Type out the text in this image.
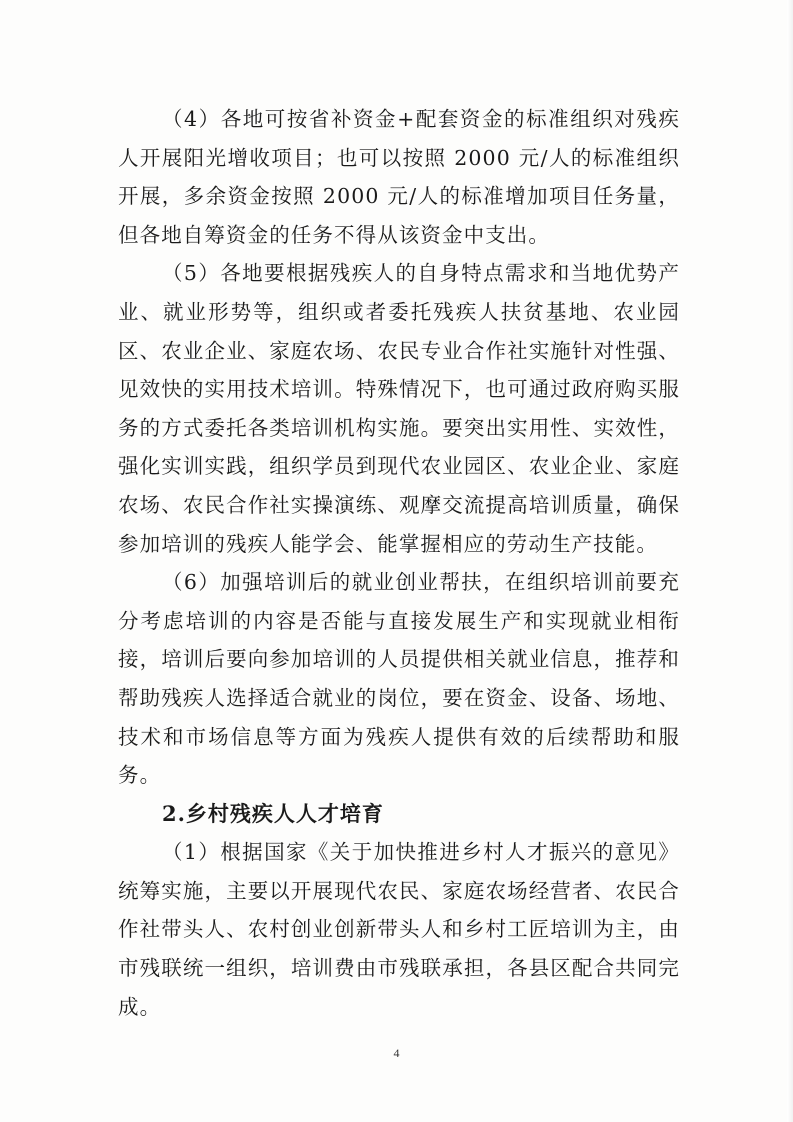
（4）各地可按省补资金+配套资金的标准组织对残疾人开展阳光增收项目；也可以按照 2000 元/人的标准组织开展，多余资金按照 2000 元/人的标准增加项目任务量，但各地自筹资金的任务不得从该资金中支出。

（5）各地要根据残疾人的自身特点需求和当地优势产业、就业形势等，组织或者委托残疾人扶贫基地、农业园区、农业企业、家庭农场、农民专业合作社实施针对性强、见效快的实用技术培训。特殊情况下，也可通过政府购买服务的方式委托各类培训机构实施。要突出实用性、实效性，强化实训实践，组织学员到现代农业园区、农业企业、家庭农场、农民合作社实操演练、观摩交流提高培训质量，确保参加培训的残疾人能学会、能掌握相应的劳动生产技能。

（6）加强培训后的就业创业帮扶，在组织培训前要充分考虑培训的内容是否能与直接发展生产和实现就业相衔接，培训后要向参加培训的人员提供相关就业信息，推荐和帮助残疾人选择适合就业的岗位，要在资金、设备、场地、技术和市场信息等方面为残疾人提供有效的后续帮助和服务。

2.乡村残疾人人才培育

（1）根据国家《关于加快推进乡村人才振兴的意见》统筹实施，主要以开展现代农民、家庭农场经营者、农民合作社带头人、农村创业创新带头人和乡村工匠培训为主，由市残联统一组织，培训费由市残联承担，各县区配合共同完成。

4
